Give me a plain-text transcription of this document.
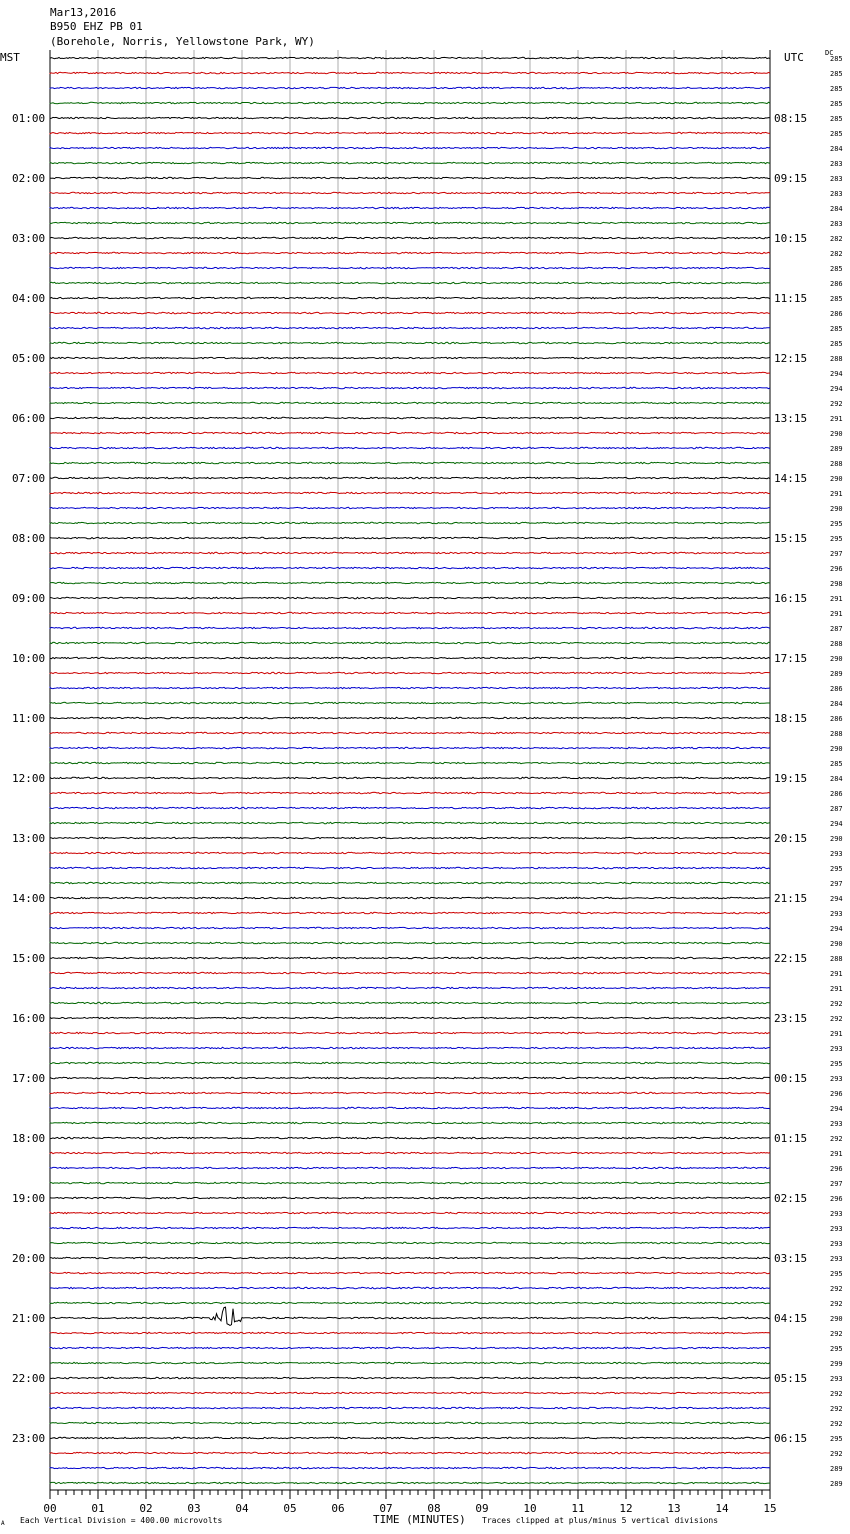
Mar13,2016
B950 EHZ PB 01
(Borehole, Norris, Yellowstone Park, WY)
MST	UTC	DC
01:00
02:00
03:00
04:00
05:00
06:00
07:00
08:00
09:00
10:00
11:00
12:00
13:00
14:00
15:00
16:00
17:00
18:00
19:00
20:00
21:00
22:00
23:00
08:15
09:15
10:15
11:15
12:15
13:15
14:15
15:15
16:15
17:15
18:15
19:15
20:15
21:15
22:15
23:15
00:15
01:15
02:15
03:15
04:15
05:15
06:15
285
285
285
285
285
285
284
283
283
283
284
283
282
282
285
286
285
286
285
285
288
294
294
292
291
290
289
288
290
291
290
295
295
297
296
298
291
291
287
288
290
289
286
284
286
288
290
285
284
286
287
294
290
293
295
297
294
293
294
290
288
291
291
292
292
291
293
295
293
296
294
293
292
291
296
297
296
293
293
293
293
295
292
292
290
292
295
299
293
292
292
292
295
292
289
289
00	01	02	03	04	05	06	07	08	09	10	11	12	13	14	15
A Each Vertical Division = 400.00 microvolts	TIME (MINUTES) Traces clipped at plus/minus 5 vertical divisions
